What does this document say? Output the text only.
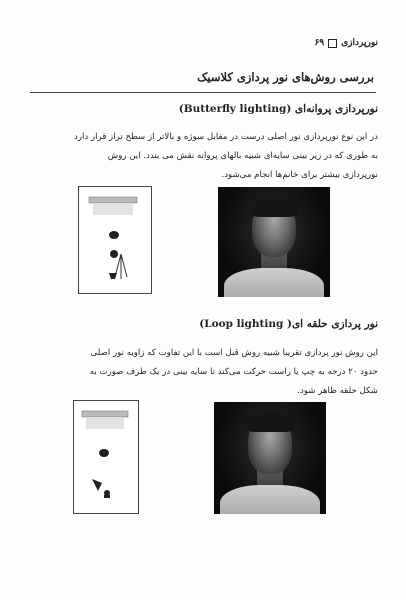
نورپردازی
۶۹
بررسی روش‌های نور پردازی کلاسیک
نورپردازی پروانه‌ای (Butterfly lighting)
در این نوع نورپردازی نور اصلی درست در مقابل سوژه و بالاتر از سطح تراز قرار دارد
به طوری که در زیر بینی سایه‌ای شبیه بالهای پروانه نقش می بندد. این روش
نورپردازی بیشتر برای خانم‌ها انجام می‌شود.
نور پردازی حلقه ای( Loop lighting)
این روش نور پردازی تقریبا شبیه روش قبل است با این تفاوت که زاویه نور اصلی
حدود ۲۰ درجه به چپ یا راست حرکت می‌کند تا سایه بینی در یک طرف صورت به
شکل حلقه ظاهر شود.
